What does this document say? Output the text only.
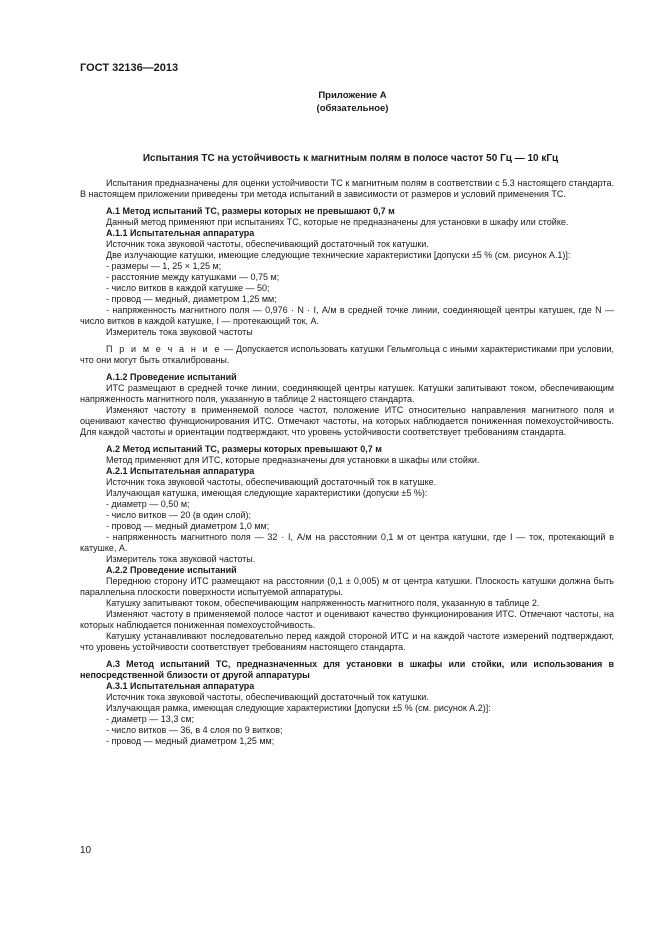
ГОСТ 32136—2013
Приложение А
(обязательное)
Испытания ТС на устойчивость к магнитным полям в полосе частот 50 Гц — 10 кГц

Испытания предназначены для оценки устойчивости ТС к магнитным полям в соответствии с 5.3 настоящего стандарта. В настоящем приложении приведены три метода испытаний в зависимости от размеров и условий применения ТС.

А.1 Метод испытаний ТС, размеры которых не превышают 0,7 м

Данный метод применяют при испытаниях ТС, которые не предназначены для установки в шкафу или стойке.

А.1.1 Испытательная аппаратура

Источник тока звуковой частоты, обеспечивающий достаточный ток катушки.

Две излучающие катушки, имеющие следующие технические характеристики [допуски ±5 % (см. рисунок А.1)]:

- размеры — 1, 25 × 1,25 м;

- расстояние между катушками — 0,75 м;

- число витков в каждой катушке — 50;

- провод — медный, диаметром 1,25 мм;

- напряженность магнитного поля — 0,976 · N · I, А/м в средней точке линии, соединяющей центры катушек, где N — число витков в каждой катушке, I — протекающий ток, А.

Измеритель тока звуковой частоты

П р и м е ч а н и е — Допускается использовать катушки Гельмгольца с иными характеристиками при условии, что они могут быть откалиброваны.

А.1.2 Проведение испытаний

ИТС размещают в средней точке линии, соединяющей центры катушек. Катушки запитывают током, обеспечивающим напряженность магнитного поля, указанную в таблице 2 настоящего стандарта.

Изменяют частоту в применяемой полосе частот, положение ИТС относительно направления магнитного поля и оценивают качество функционирования ИТС. Отмечают частоты, на которых наблюдается пониженная помехоустойчивость. Для каждой частоты и ориентации подтверждают, что уровень устойчивости соответствует требованиям стандарта.

А.2 Метод испытаний ТС, размеры которых превышают 0,7 м

Метод применяют для ИТС, которые предназначены для установки в шкафы или стойки.

А.2.1 Испытательная аппаратура

Источник тока звуковой частоты, обеспечивающий достаточный ток в катушке.

Излучающая катушка, имеющая следующие характеристики (допуски ±5 %):

- диаметр — 0,50 м;

- число витков — 20 (в один слой);

- провод — медный диаметром 1,0 мм;

- напряженность магнитного поля — 32 · I, А/м на расстоянии 0,1 м от центра катушки, где I — ток, протекающий в катушке, А.

Измеритель тока звуковой частоты.

А.2.2 Проведение испытаний

Переднюю сторону ИТС размещают на расстоянии (0,1 ± 0,005) м от центра катушки. Плоскость катушки должна быть параллельна плоскости поверхности испытуемой аппаратуры.

Катушку запитывают током, обеспечивающим напряженность магнитного поля, указанную в таблице 2.

Изменяют частоту в применяемой полосе частот и оценивают качество функционирования ИТС. Отмечают частоты, на которых наблюдается пониженная помехоустойчивость.

Катушку устанавливают последовательно перед каждой стороной ИТС и на каждой частоте измерений подтверждают, что уровень устойчивости соответствует требованиям настоящего стандарта.

А.3 Метод испытаний ТС, предназначенных для установки в шкафы или стойки, или использования в непосредственной близости от другой аппаратуры

А.3.1 Испытательная аппаратура

Источник тока звуковой частоты, обеспечивающий достаточный ток катушки.

Излучающая рамка, имеющая следующие характеристики [допуски ±5 % (см. рисунок А.2)]:

- диаметр — 13,3 см;

- число витков — 36, в 4 слоя по 9 витков;

- провод — медный диаметром 1,25 мм;

10
